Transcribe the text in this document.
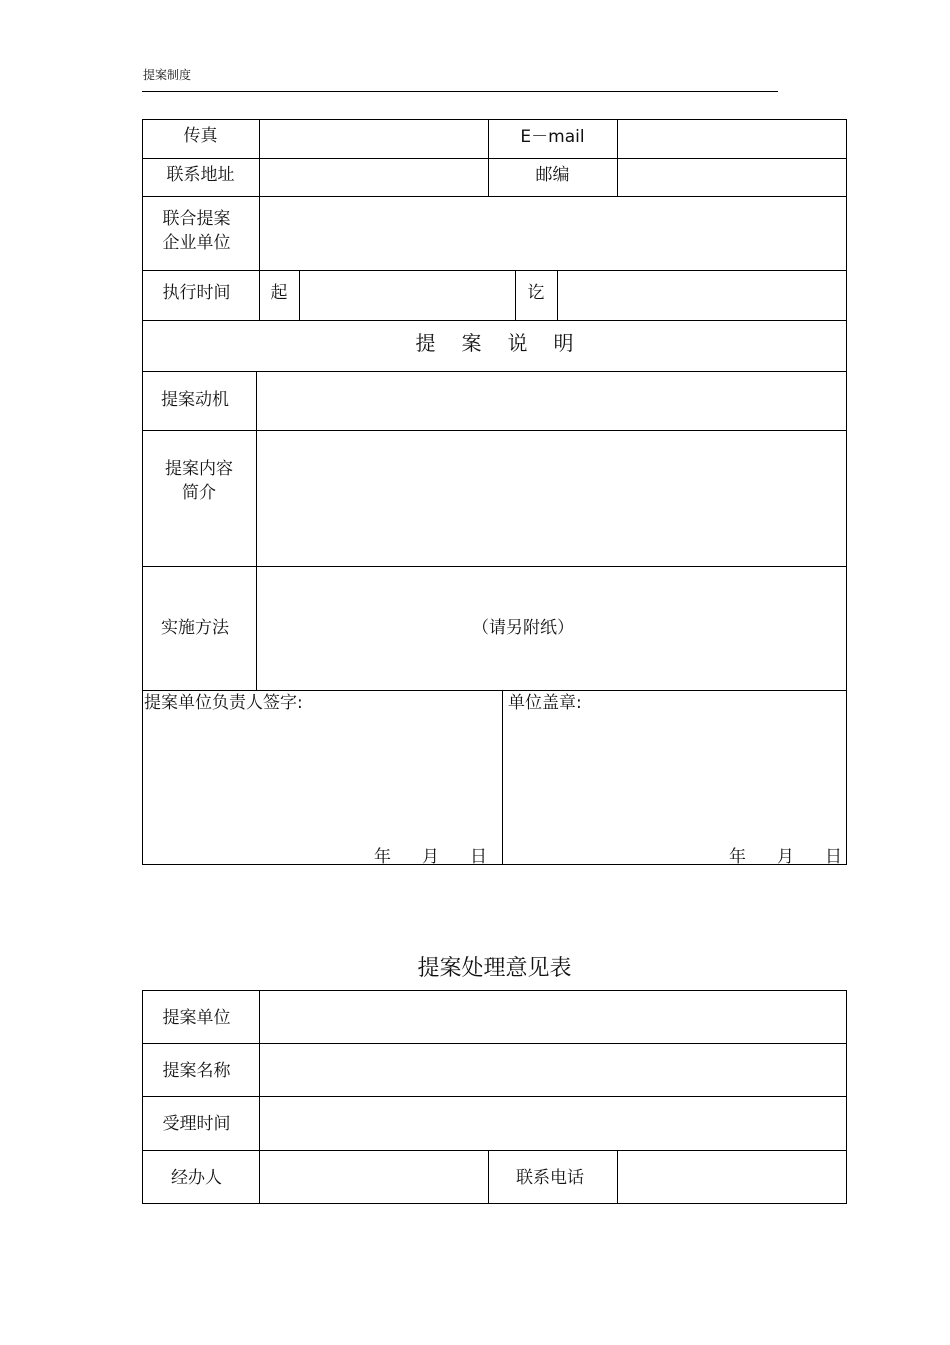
提案制度
传真	E－mail
联系地址	邮编
联合提案
企业单位
执行时间	起	讫
提案说明
提案动机
提案内容
简介
实施方法	（请另附纸）
提案单位负责人签字:
年 月 日
单位盖章:
年 月 日
提案处理意见表
提案单位
提案名称
受理时间
经办人	联系电话
